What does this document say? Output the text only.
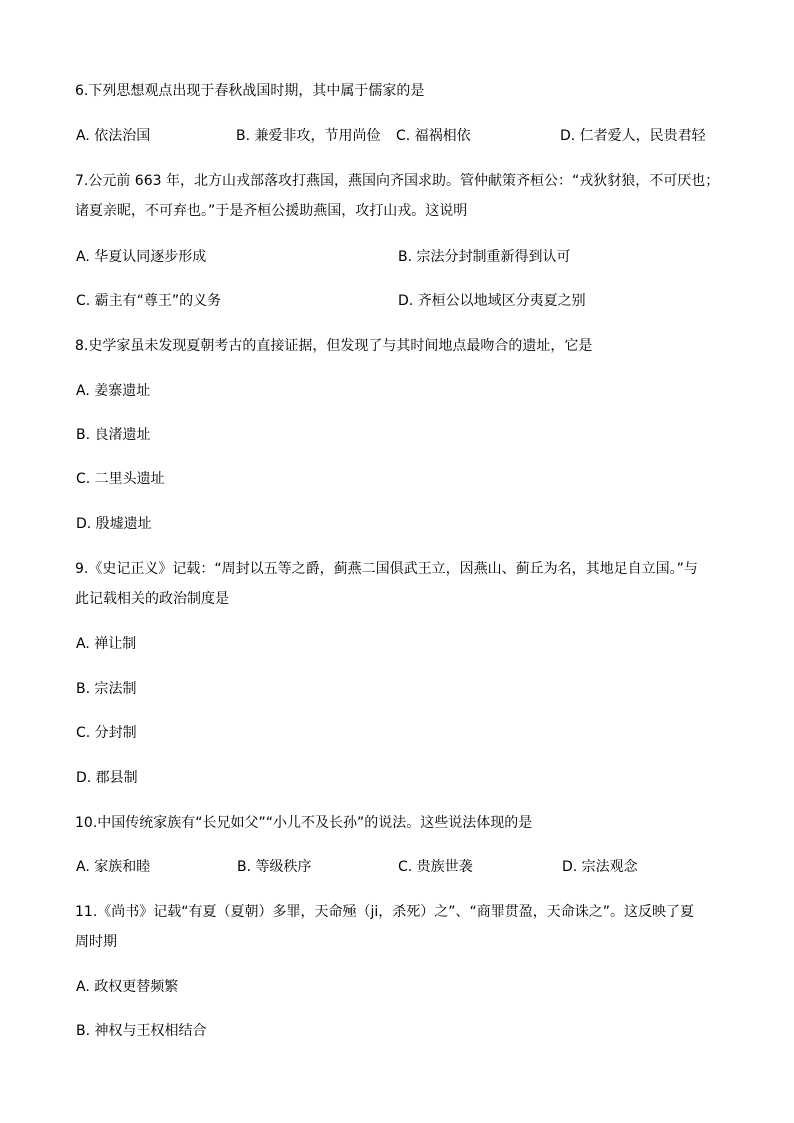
6.下列思想观点出现于春秋战国时期，其中属于儒家的是
A. 依法治国	B. 兼爱非攻，节用尚俭 C. 福祸相依	D. 仁者爱人，民贵君轻
7.公元前 663 年，北方山戎部落攻打燕国，燕国向齐国求助。管仲献策齐桓公：“戎狄豺狼，不可厌也；
诸夏亲昵，不可弃也。”于是齐桓公援助燕国，攻打山戎。这说明
A. 华夏认同逐步形成	B. 宗法分封制重新得到认可
C. 霸主有“尊王”的义务	D. 齐桓公以地域区分夷夏之别
8.史学家虽未发现夏朝考古的直接证据，但发现了与其时间地点最吻合的遗址，它是
A. 姜寨遗址
B. 良渚遗址
C. 二里头遗址
D. 殷墟遗址
9.《史记正义》记载：“周封以五等之爵，蓟燕二国俱武王立，因燕山、蓟丘为名，其地足自立国。”与
此记载相关的政治制度是
A. 禅让制
B. 宗法制
C. 分封制
D. 郡县制
10.中国传统家族有“长兄如父”“小儿不及长孙”的说法。这些说法体现的是
A. 家族和睦	B. 等级秩序	C. 贵族世袭	D. 宗法观念
11.《尚书》记载“有夏（夏朝）多罪，天命殛（ji，杀死）之”、“商罪贯盈，天命诛之”。这反映了夏
周时期
A. 政权更替频繁
B. 神权与王权相结合
